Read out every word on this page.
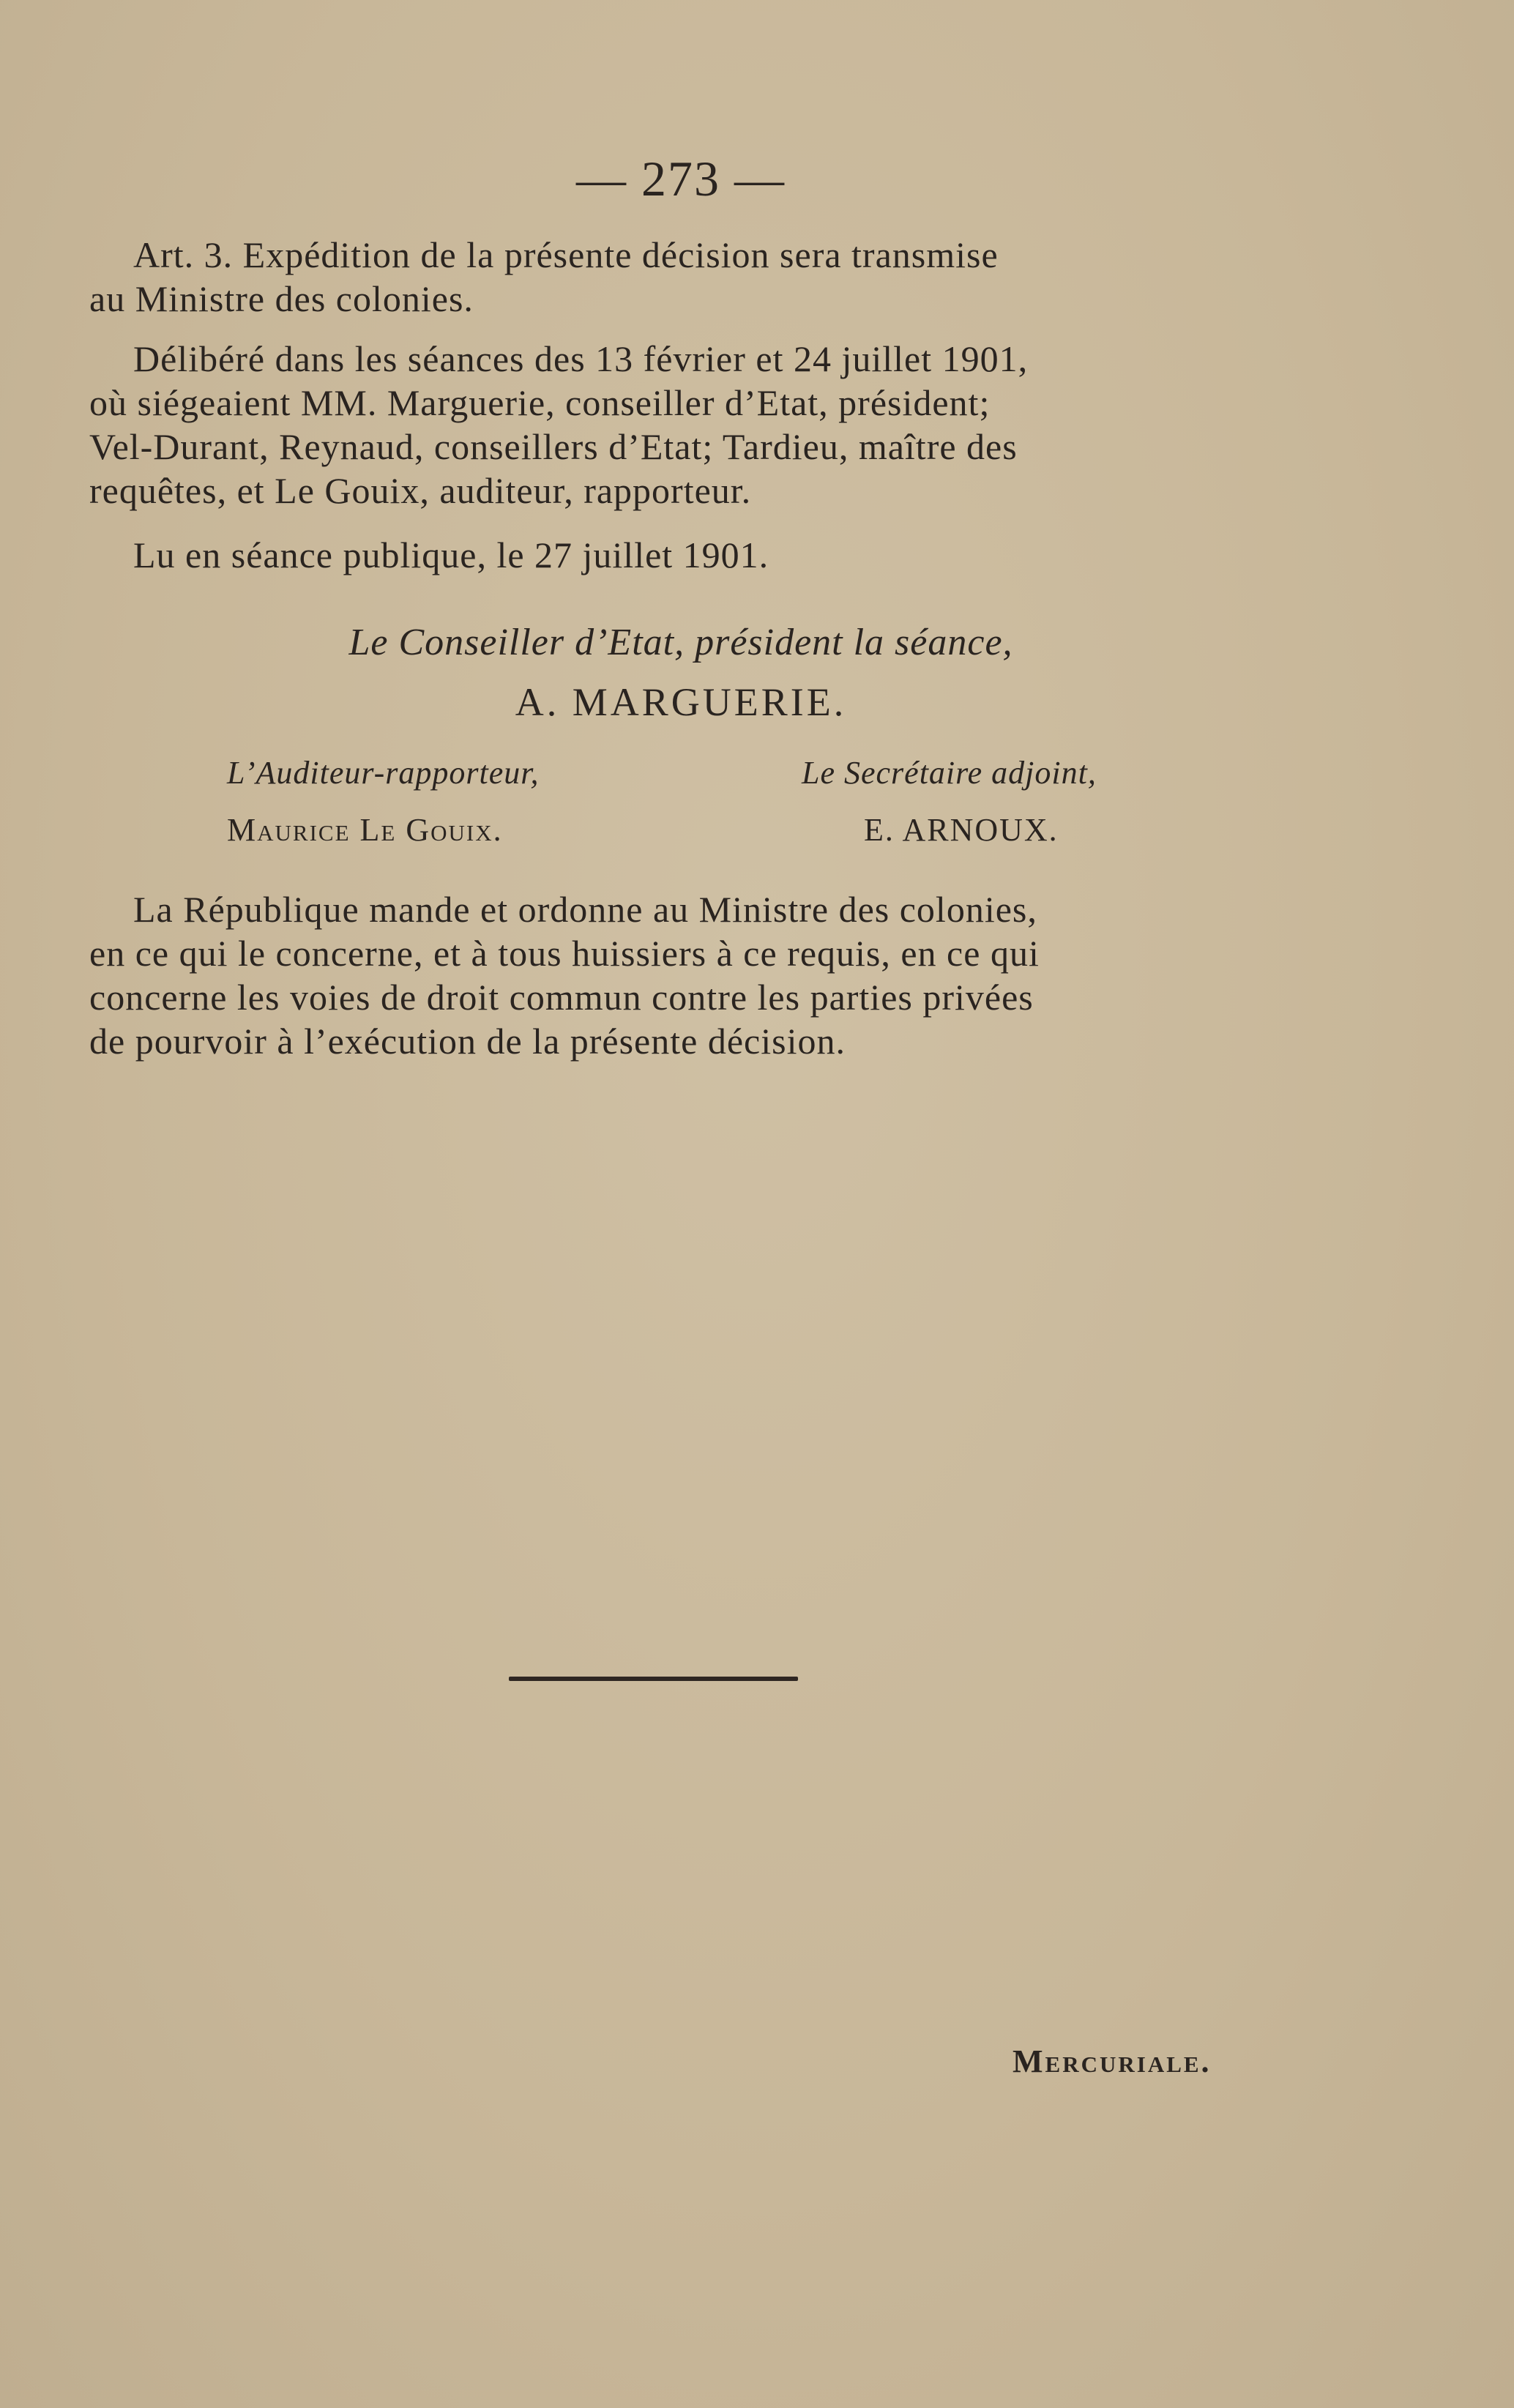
— 273 —

Art. 3. Expédition de la présente décision sera transmise

au Ministre des colonies.

Délibéré dans les séances des 13 février et 24 juillet 1901,

où siégeaient MM. Marguerie, conseiller d’Etat, président;

Vel-Durant, Reynaud, conseillers d’Etat; Tardieu, maître des

requêtes, et Le Gouix, auditeur, rapporteur.

Lu en séance publique, le 27 juillet 1901.

Le Conseiller d’Etat, président la séance,
A. MARGUERIE.
L’Auditeur-rapporteur,
Maurice Le Gouix.
Le Secrétaire adjoint,
E. ARNOUX.

La République mande et ordonne au Ministre des colonies,

en ce qui le concerne, et à tous huissiers à ce requis, en ce qui

concerne les voies de droit commun contre les parties privées

de pourvoir à l’exécution de la présente décision.

Mercuriale.
